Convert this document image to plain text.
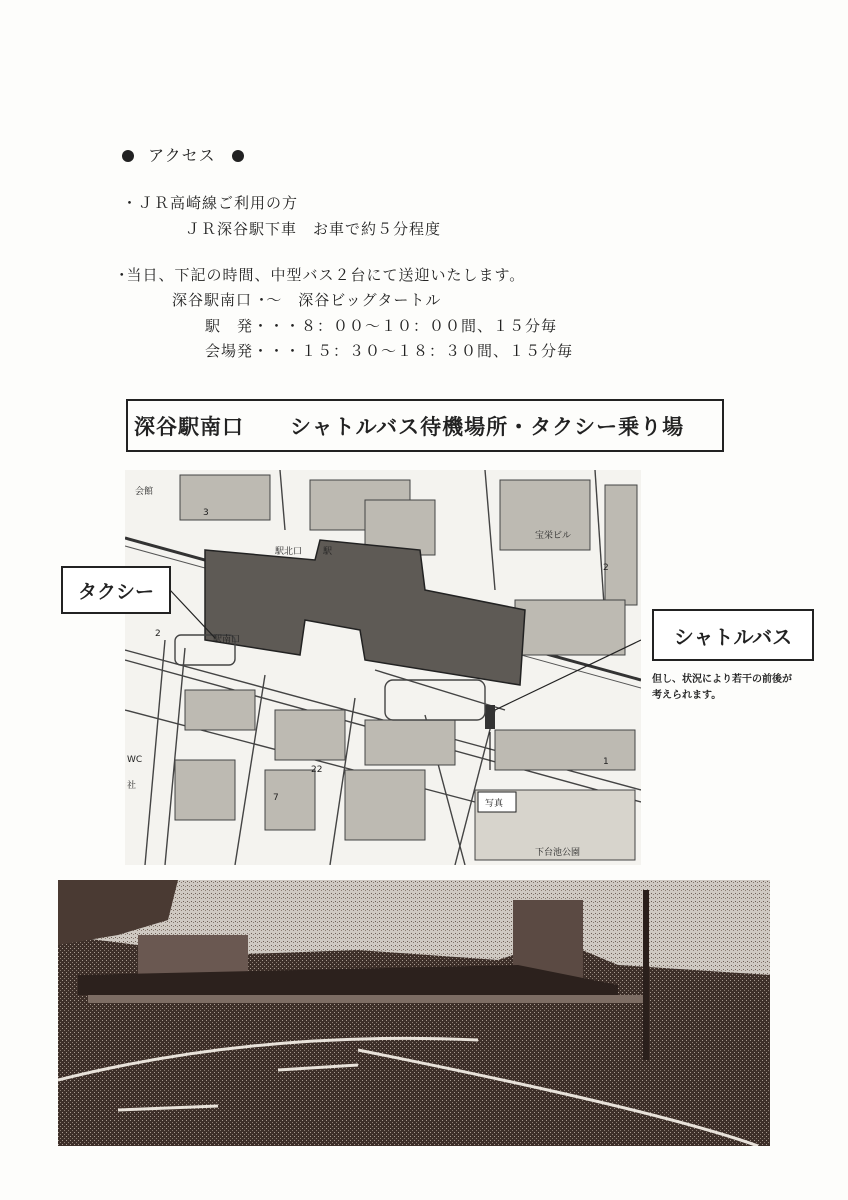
アクセス
・ＪＲ高崎線ご利用の方
ＪＲ深谷駅下車　お車で約５分程度
･当日、下記の時間、中型バス２台にて送迎いたします。
深谷駅南口 ･～　深谷ビッグタートル
駅　発・・・８：００～１０：００間、１５分毎
会場発・・・１５：３０～１８：３０間、１５分毎
深谷駅南口 シャトルバス待機場所・タクシー乗り場
会館
駅北口 駅
駅南口
宝栄ビル
社
WC
写真
下台池公園
2
2
3
7
22
1
タクシー
シャトルバス
但し、状況により若干の前後が
考えられます。
